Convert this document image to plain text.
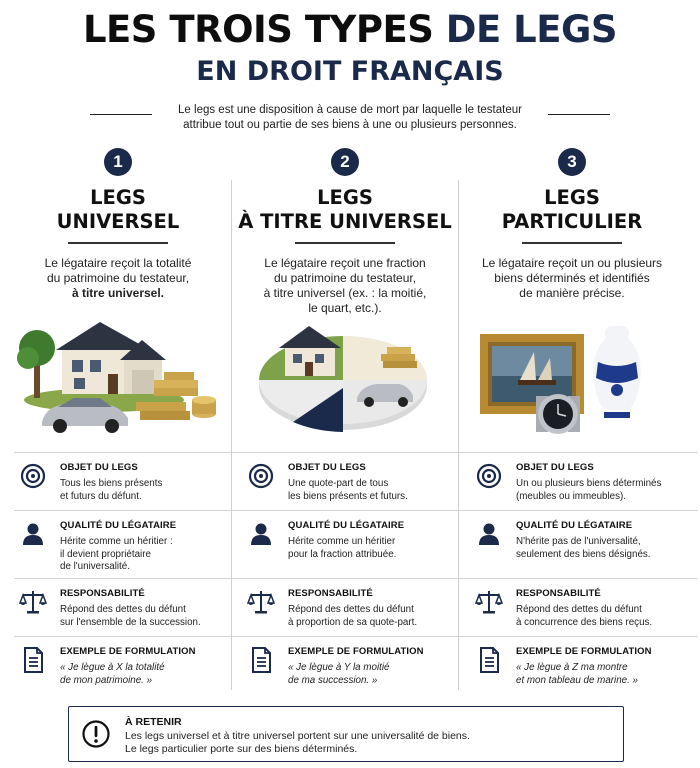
LES TROIS TYPES DE LEGS
EN DROIT FRANÇAIS
Le legs est une disposition à cause de mort par laquelle le testateur
attribue tout ou partie de ses biens à une ou plusieurs personnes.
1
LEGS
UNIVERSEL
Le légataire reçoit la totalité
du patrimoine du testateur,
à titre universel.
2
LEGS
À TITRE UNIVERSEL
Le légataire reçoit une fraction
du patrimoine du testateur,
à titre universel (ex. : la moitié,
le quart, etc.).
3
LEGS
PARTICULIER
Le légataire reçoit un ou plusieurs
biens déterminés et identifiés
de manière précise.
OBJET DU LEGS
Tous les biens présents
et futurs du défunt.
QUALITÉ DU LÉGATAIRE
Hérite comme un héritier :
il devient propriétaire
de l'universalité.
RESPONSABILITÉ
Répond des dettes du défunt
sur l'ensemble de la succession.
EXEMPLE DE FORMULATION
« Je lègue à X la totalité
de mon patrimoine. »
OBJET DU LEGS
Une quote-part de tous
les biens présents et futurs.
QUALITÉ DU LÉGATAIRE
Hérite comme un héritier
pour la fraction attribuée.
RESPONSABILITÉ
Répond des dettes du défunt
à proportion de sa quote-part.
EXEMPLE DE FORMULATION
« Je lègue à Y la moitié
de ma succession. »
OBJET DU LEGS
Un ou plusieurs biens déterminés
(meubles ou immeubles).
QUALITÉ DU LÉGATAIRE
N'hérite pas de l'universalité,
seulement des biens désignés.
RESPONSABILITÉ
Répond des dettes du défunt
à concurrence des biens reçus.
EXEMPLE DE FORMULATION
« Je lègue à Z ma montre
et mon tableau de marine. »
À RETENIR
Les legs universel et à titre universel portent sur une universalité de biens.
Le legs particulier porte sur des biens déterminés.
